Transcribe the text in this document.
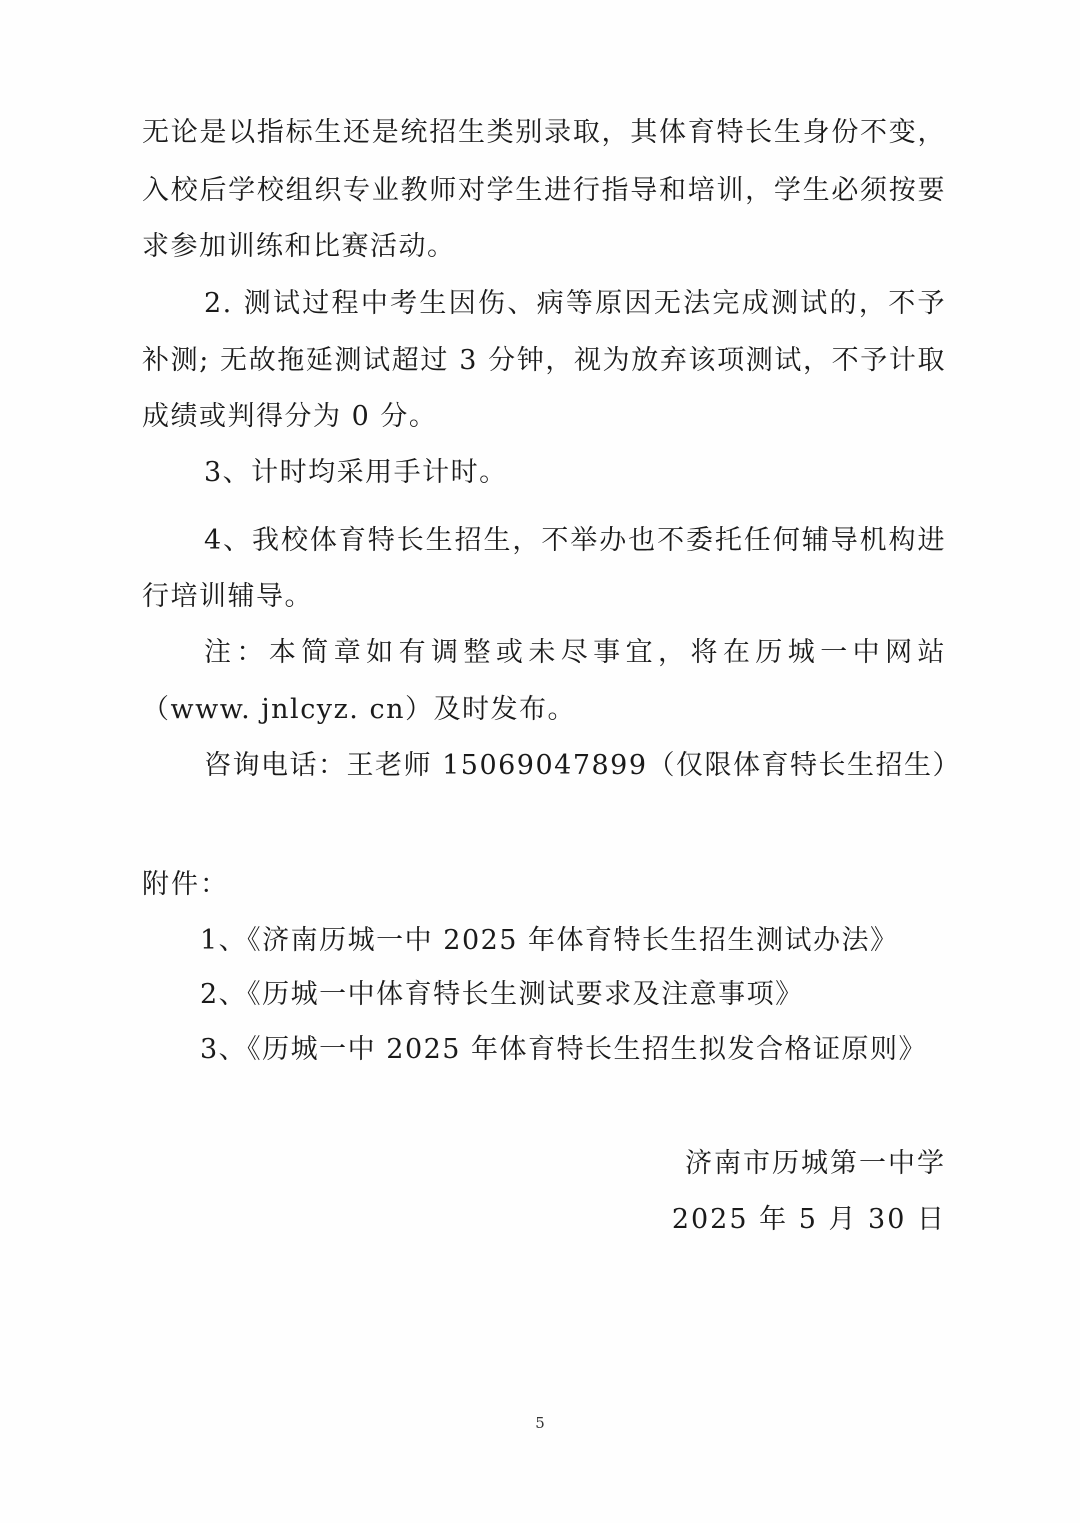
无论是以指标生还是统招生类别录取，其体育特长生身份不变，
入校后学校组织专业教师对学生进行指导和培训，学生必须按要
求参加训练和比赛活动。
2. 测试过程中考生因伤、病等原因无法完成测试的，不予
补测; 无故拖延测试超过 3 分钟，视为放弃该项测试，不予计取
成绩或判得分为 0 分。
3、计时均采用手计时。
4、我校体育特长生招生，不举办也不委托任何辅导机构进
行培训辅导。
注：本简章如有调整或未尽事宜，将在历城一中网站
（www. jnlcyz. cn）及时发布。
咨询电话：王老师 15069047899（仅限体育特长生招生）
附件：
1、《济南历城一中 2025 年体育特长生招生测试办法》
2、《历城一中体育特长生测试要求及注意事项》
3、《历城一中 2025 年体育特长生招生拟发合格证原则》
济南市历城第一中学
2025 年 5 月 30 日
5
